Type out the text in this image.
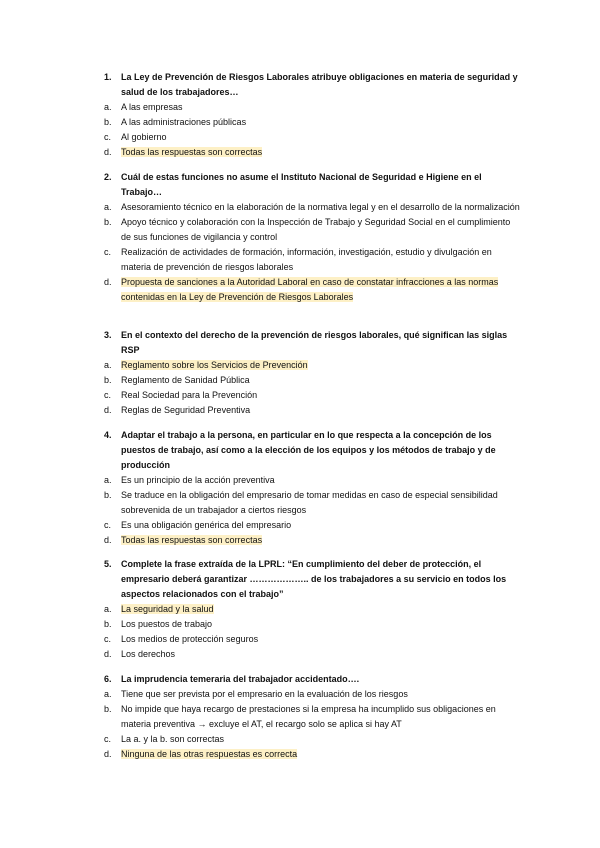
1.	La Ley de Prevención de Riesgos Laborales atribuye obligaciones en materia de seguridad y salud de los trabajadores…
a.	A las empresas
b.	A las administraciones públicas
c.	Al gobierno
d.	Todas las respuestas son correctas
2.	Cuál de estas funciones no asume el Instituto Nacional de Seguridad e Higiene en el Trabajo…
a.	Asesoramiento técnico en la elaboración de la normativa legal y en el desarrollo de la normalización
b.	Apoyo técnico y colaboración con la Inspección de Trabajo y Seguridad Social en el cumplimiento de sus funciones de vigilancia y control
c.	Realización de actividades de formación, información, investigación, estudio y divulgación en materia de prevención de riesgos laborales
d.	Propuesta de sanciones a la Autoridad Laboral en caso de constatar infracciones a las normas contenidas en la Ley de Prevención de Riesgos Laborales
3.	En el contexto del derecho de la prevención de riesgos laborales, qué significan las siglas RSP
a.	Reglamento sobre los Servicios de Prevención
b.	Reglamento de Sanidad Pública
c.	Real Sociedad para la Prevención
d.	Reglas de Seguridad Preventiva
4.	Adaptar el trabajo a la persona, en particular en lo que respecta a la concepción de los puestos de trabajo, así como a la elección de los equipos y los métodos de trabajo y de producción
a.	Es un principio de la acción preventiva
b.	Se traduce en la obligación del empresario de tomar medidas en caso de especial sensibilidad sobrevenida de un trabajador a ciertos riesgos
c.	Es una obligación genérica del empresario
d.	Todas las respuestas son correctas
5.	Complete la frase extraída de la LPRL: “En cumplimiento del deber de protección, el empresario deberá garantizar ……………….. de los trabajadores a su servicio en todos los aspectos relacionados con el trabajo”
a.	La seguridad y la salud
b.	Los puestos de trabajo
c.	Los medios de protección seguros
d.	Los derechos
6.	La imprudencia temeraria del trabajador accidentado….
a.	Tiene que ser prevista por el empresario en la evaluación de los riesgos
b.	No impide que haya recargo de prestaciones si la empresa ha incumplido sus obligaciones en materia preventiva → excluye el AT, el recargo solo se aplica si hay AT
c.	La a. y la b. son correctas
d.	Ninguna de las otras respuestas es correcta
